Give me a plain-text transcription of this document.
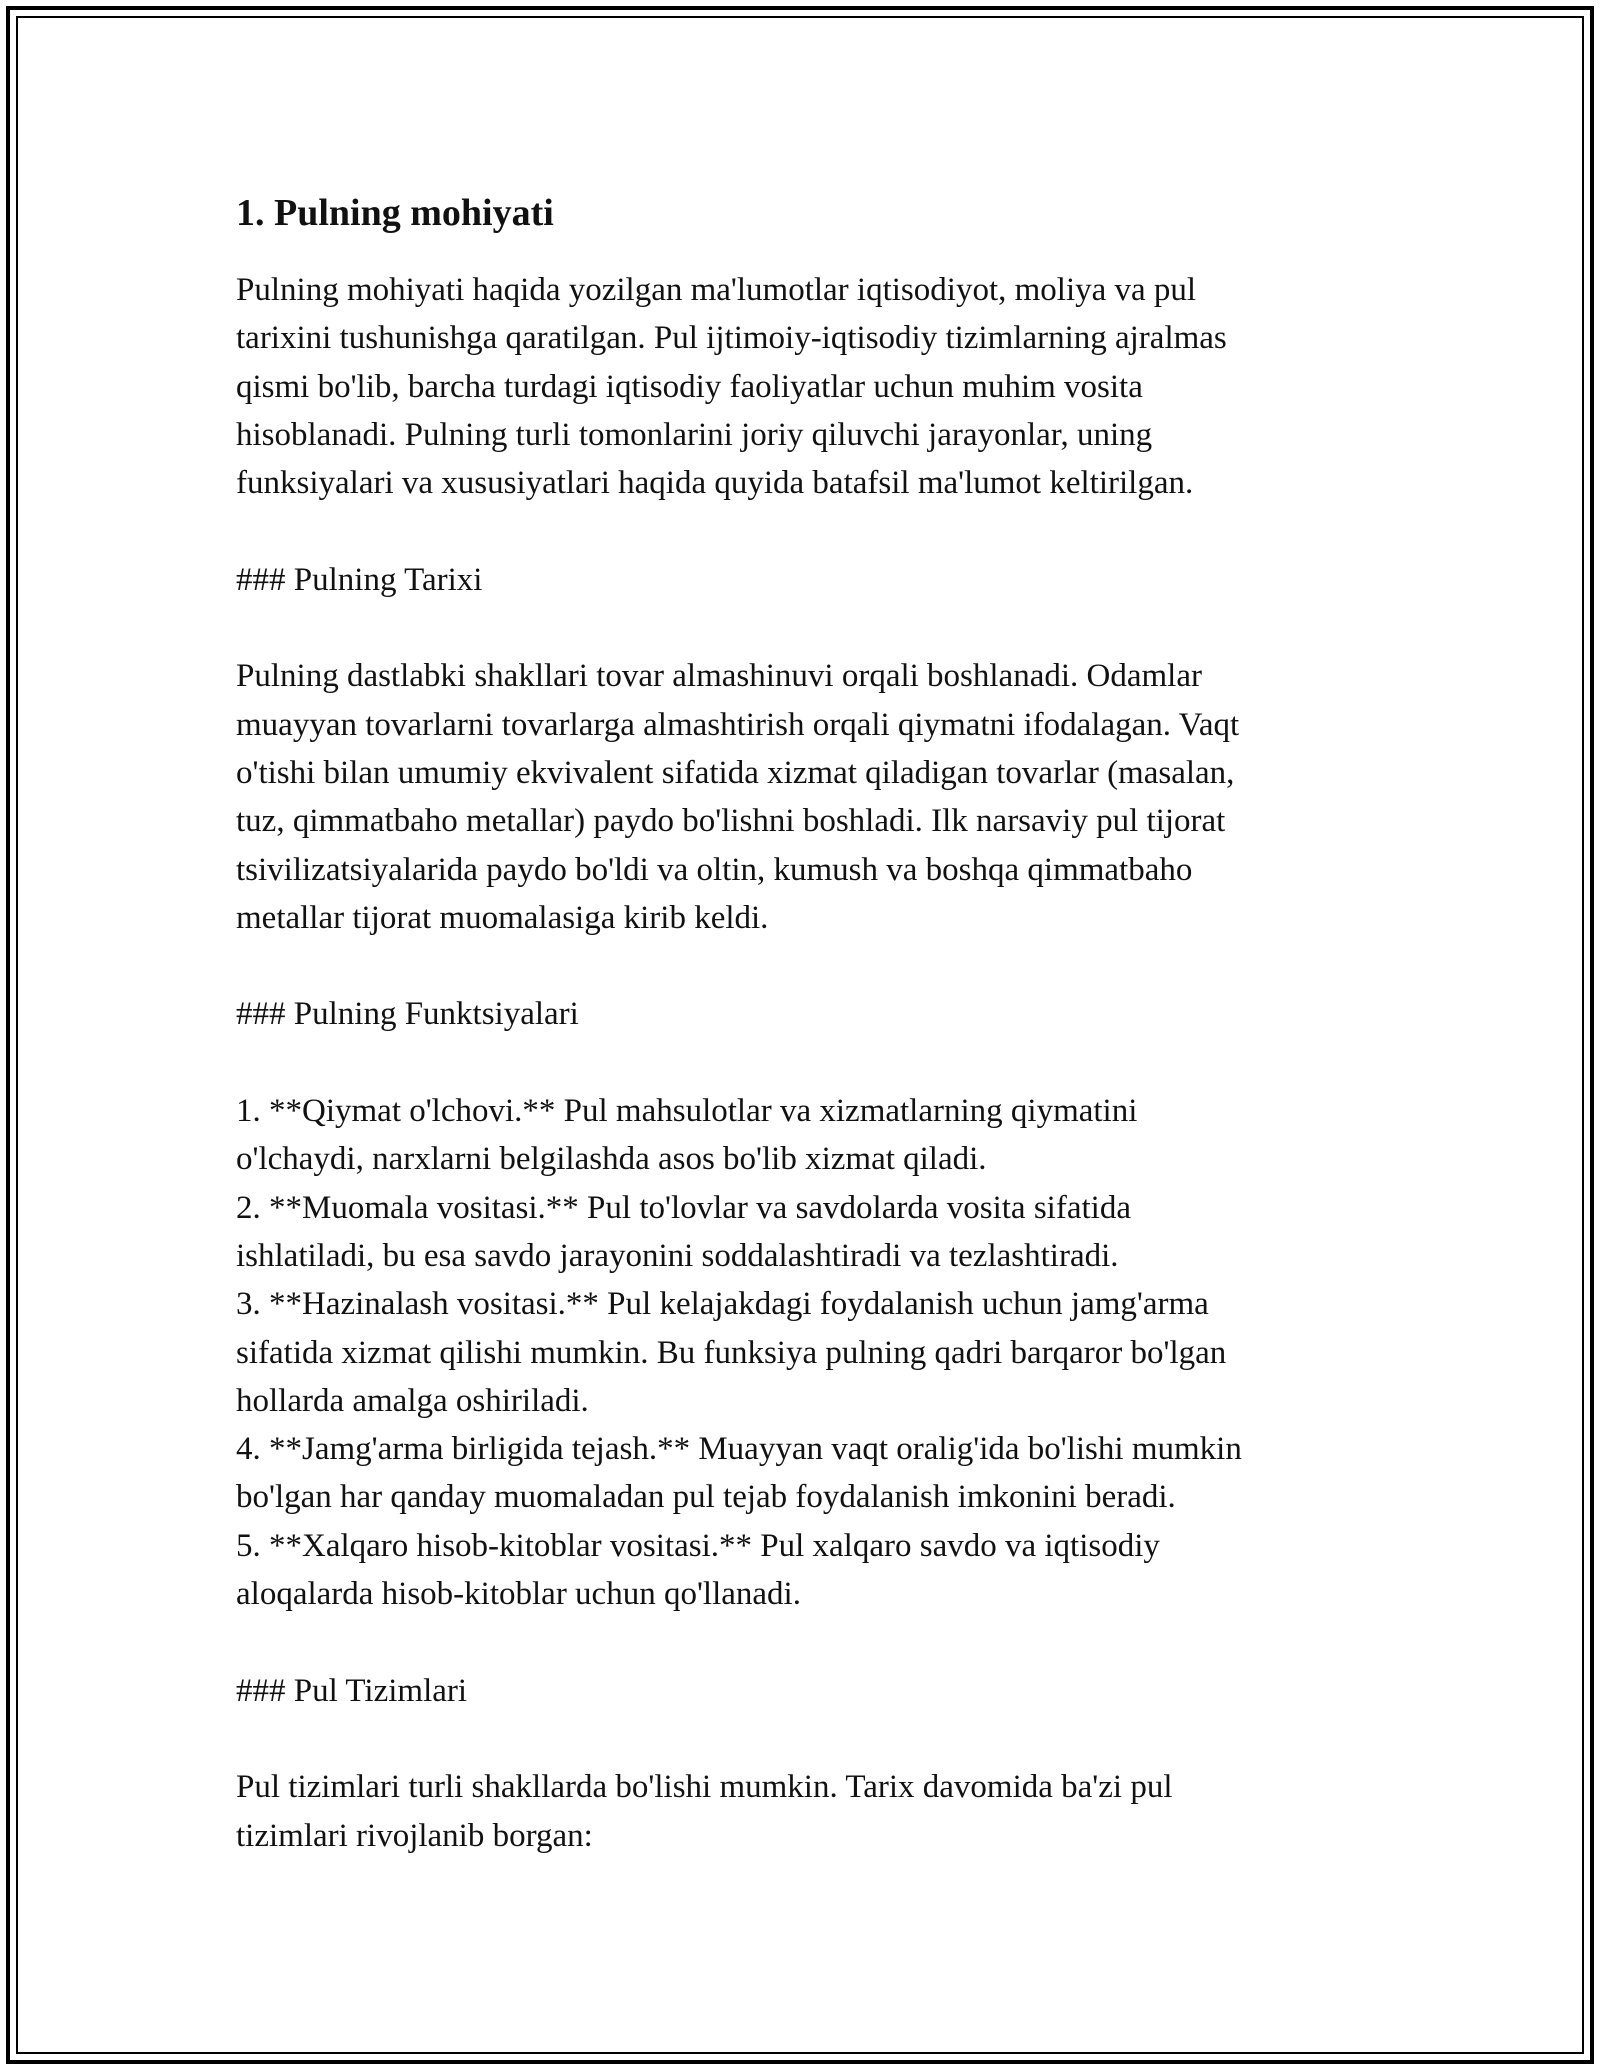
1. Pulning mohiyati
Pulning mohiyati haqida yozilgan ma'lumotlar iqtisodiyot, moliya va pul
tarixini tushunishga qaratilgan. Pul ijtimoiy-iqtisodiy tizimlarning ajralmas
qismi bo'lib, barcha turdagi iqtisodiy faoliyatlar uchun muhim vosita
hisoblanadi. Pulning turli tomonlarini joriy qiluvchi jarayonlar, uning
funksiyalari va xususiyatlari haqida quyida batafsil ma'lumot keltirilgan.
### Pulning Tarixi
Pulning dastlabki shakllari tovar almashinuvi orqali boshlanadi. Odamlar
muayyan tovarlarni tovarlarga almashtirish orqali qiymatni ifodalagan. Vaqt
o'tishi bilan umumiy ekvivalent sifatida xizmat qiladigan tovarlar (masalan,
tuz, qimmatbaho metallar) paydo bo'lishni boshladi. Ilk narsaviy pul tijorat
tsivilizatsiyalarida paydo bo'ldi va oltin, kumush va boshqa qimmatbaho
metallar tijorat muomalasiga kirib keldi.
### Pulning Funktsiyalari
1. **Qiymat o'lchovi.** Pul mahsulotlar va xizmatlarning qiymatini
o'lchaydi, narxlarni belgilashda asos bo'lib xizmat qiladi.
2. **Muomala vositasi.** Pul to'lovlar va savdolarda vosita sifatida
ishlatiladi, bu esa savdo jarayonini soddalashtiradi va tezlashtiradi.
3. **Hazinalash vositasi.** Pul kelajakdagi foydalanish uchun jamg'arma
sifatida xizmat qilishi mumkin. Bu funksiya pulning qadri barqaror bo'lgan
hollarda amalga oshiriladi.
4. **Jamg'arma birligida tejash.** Muayyan vaqt oralig'ida bo'lishi mumkin
bo'lgan har qanday muomaladan pul tejab foydalanish imkonini beradi.
5. **Xalqaro hisob-kitoblar vositasi.** Pul xalqaro savdo va iqtisodiy
aloqalarda hisob-kitoblar uchun qo'llanadi.
### Pul Tizimlari
Pul tizimlari turli shakllarda bo'lishi mumkin. Tarix davomida ba'zi pul
tizimlari rivojlanib borgan:
